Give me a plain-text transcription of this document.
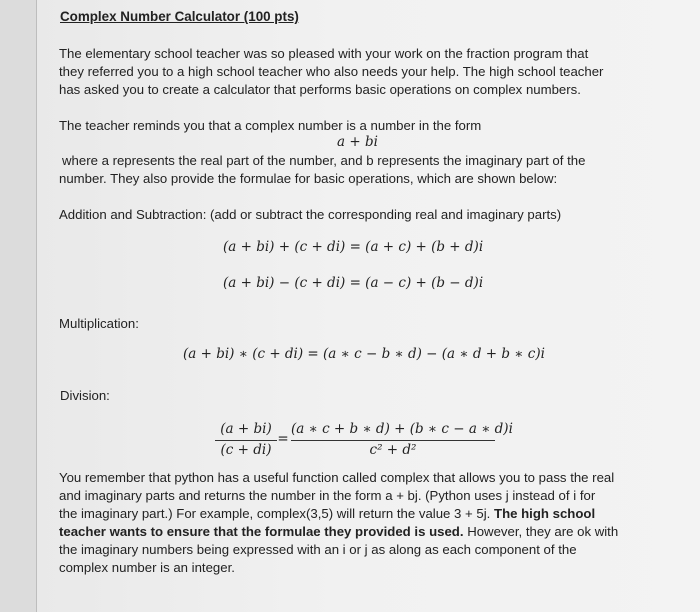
Complex Number Calculator (100 pts)
The elementary school teacher was so pleased with your work on the fraction program that
they referred you to a high school teacher who also needs your help. The high school teacher
has asked you to create a calculator that performs basic operations on complex numbers.
The teacher reminds you that a complex number is a number in the form
a + bi
where a represents the real part of the number, and b represents the imaginary part of the
number. They also provide the formulae for basic operations, which are shown below:
Addition and Subtraction: (add or subtract the corresponding real and imaginary parts)
(a + bi) + (c + di) = (a + c) + (b + d)i
(a + bi) − (c + di) = (a − c) + (b − d)i
Multiplication:
(a + bi) ∗ (c + di) = (a ∗ c − b ∗ d) − (a ∗ d + b ∗ c)i
Division:
(a + bi)
(c + di)
=
(a ∗ c + b ∗ d) + (b ∗ c − a ∗ d)i
c² + d²
You remember that python has a useful function called complex that allows you to pass the real
and imaginary parts and returns the number in the form a + bj. (Python uses j instead of i for
the imaginary part.) For example, complex(3,5) will return the value 3 + 5j. The high school
teacher wants to ensure that the formulae they provided is used. However, they are ok with
the imaginary numbers being expressed with an i or j as along as each component of the
complex number is an integer.
